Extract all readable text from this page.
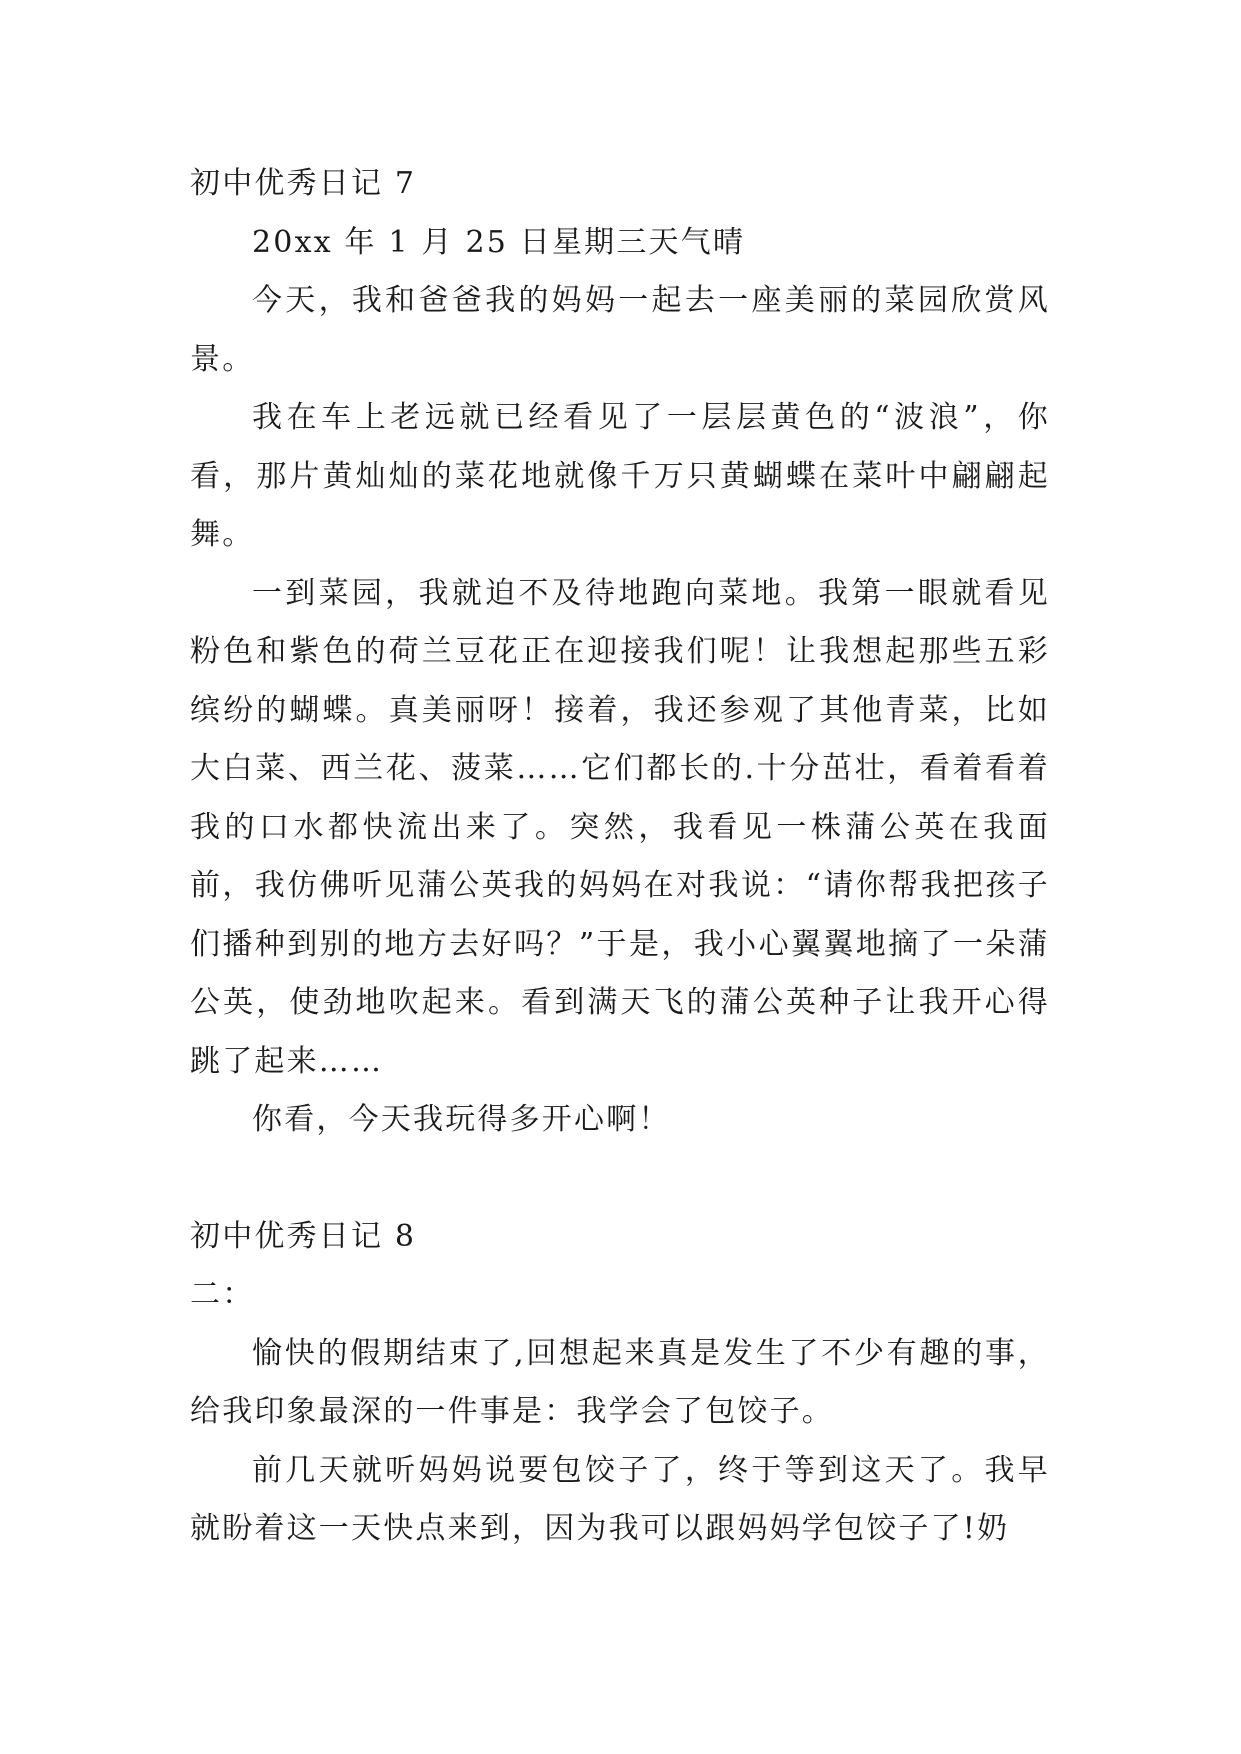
初中优秀日记 7

20xx 年 1 月 25 日星期三天气晴

今天，我和爸爸我的妈妈一起去一座美丽的菜园欣赏风景。

我在车上老远就已经看见了一层层黄色的“波浪”，你看，那片黄灿灿的菜花地就像千万只黄蝴蝶在菜叶中翩翩起舞。

一到菜园，我就迫不及待地跑向菜地。我第一眼就看见粉色和紫色的荷兰豆花正在迎接我们呢！让我想起那些五彩缤纷的蝴蝶。真美丽呀！接着，我还参观了其他青菜，比如大白菜、西兰花、菠菜……它们都长的.十分茁壮，看着看着我的口水都快流出来了。突然，我看见一株蒲公英在我面前，我仿佛听见蒲公英我的妈妈在对我说：“请你帮我把孩子们播种到别的地方去好吗？”于是，我小心翼翼地摘了一朵蒲公英，使劲地吹起来。看到满天飞的蒲公英种子让我开心得跳了起来……

你看，今天我玩得多开心啊！

初中优秀日记 8

二：

愉快的假期结束了,回想起来真是发生了不少有趣的事，给我印象最深的一件事是：我学会了包饺子。

前几天就听妈妈说要包饺子了，终于等到这天了。我早就盼着这一天快点来到，因为我可以跟妈妈学包饺子了!奶
